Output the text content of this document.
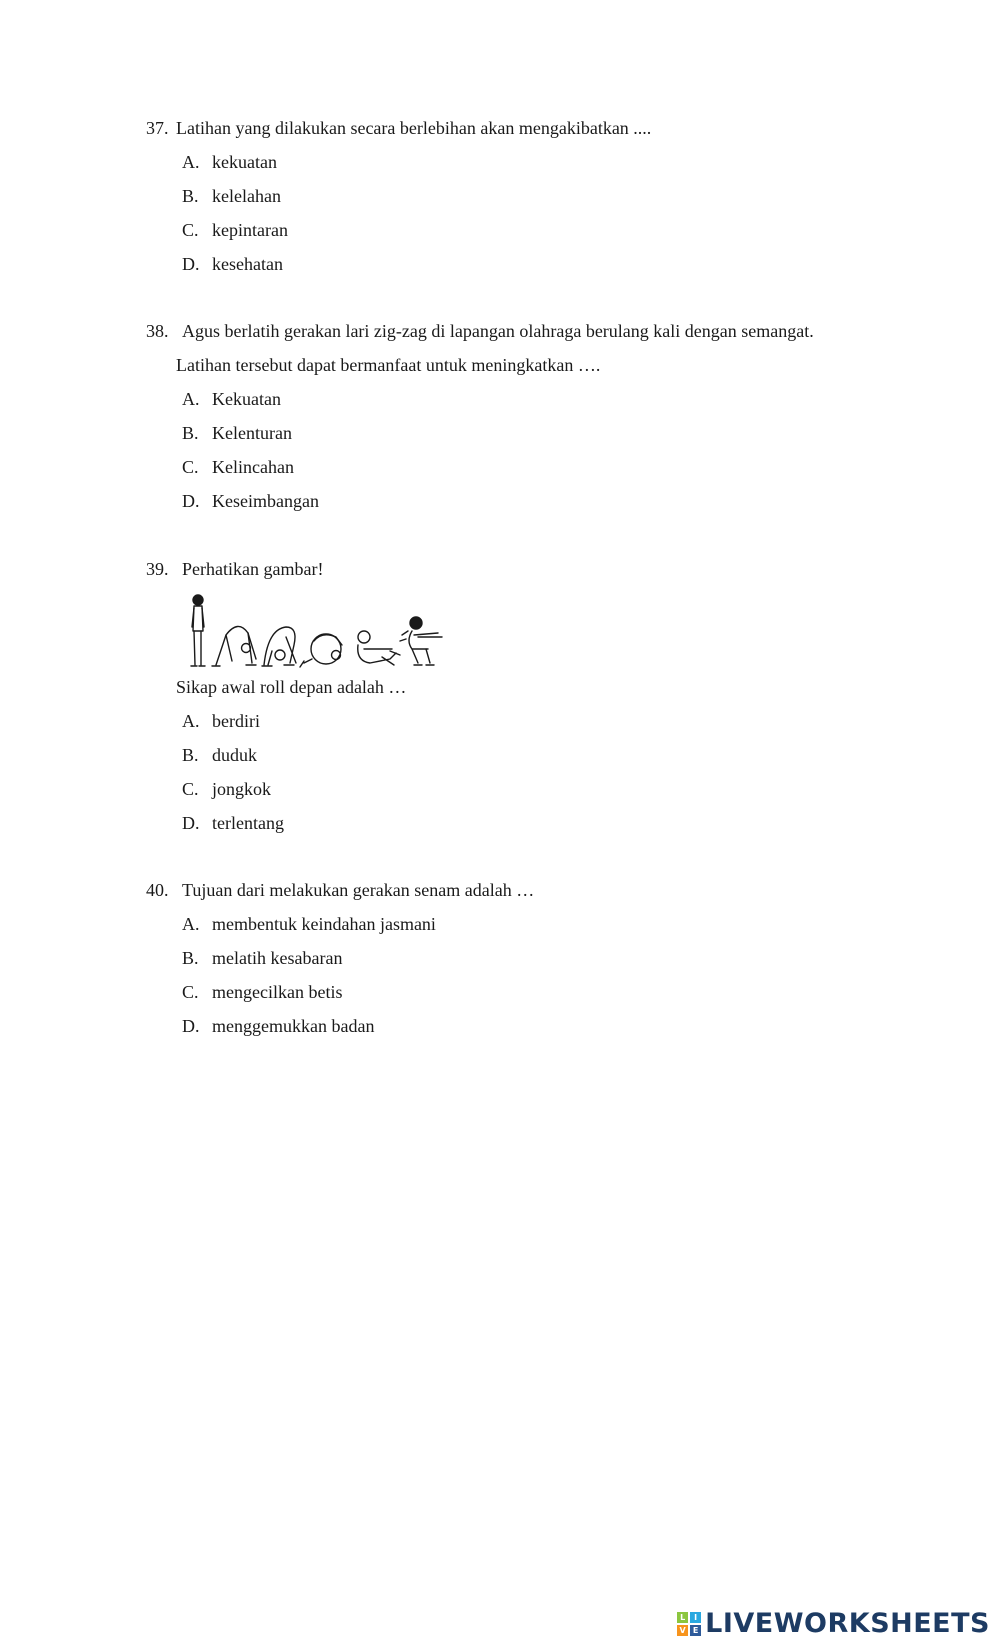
37. Latihan yang dilakukan secara berlebihan akan mengakibatkan ....
A. kekuatan
B. kelelahan
C. kepintaran
D. kesehatan
38. Agus berlatih gerakan lari zig-zag di lapangan olahraga berulang kali dengan semangat.
Latihan tersebut dapat bermanfaat untuk meningkatkan ….
A. Kekuatan
B. Kelenturan
C. Kelincahan
D. Keseimbangan
39. Perhatikan gambar!
Sikap awal roll depan adalah …
A. berdiri
B. duduk
C. jongkok
D. terlentang
40. Tujuan dari melakukan gerakan senam adalah …
A. membentuk keindahan jasmani
B. melatih kesabaran
C. mengecilkan betis
D. menggemukkan badan
L	I
V E LIVEWORKSHEETS
